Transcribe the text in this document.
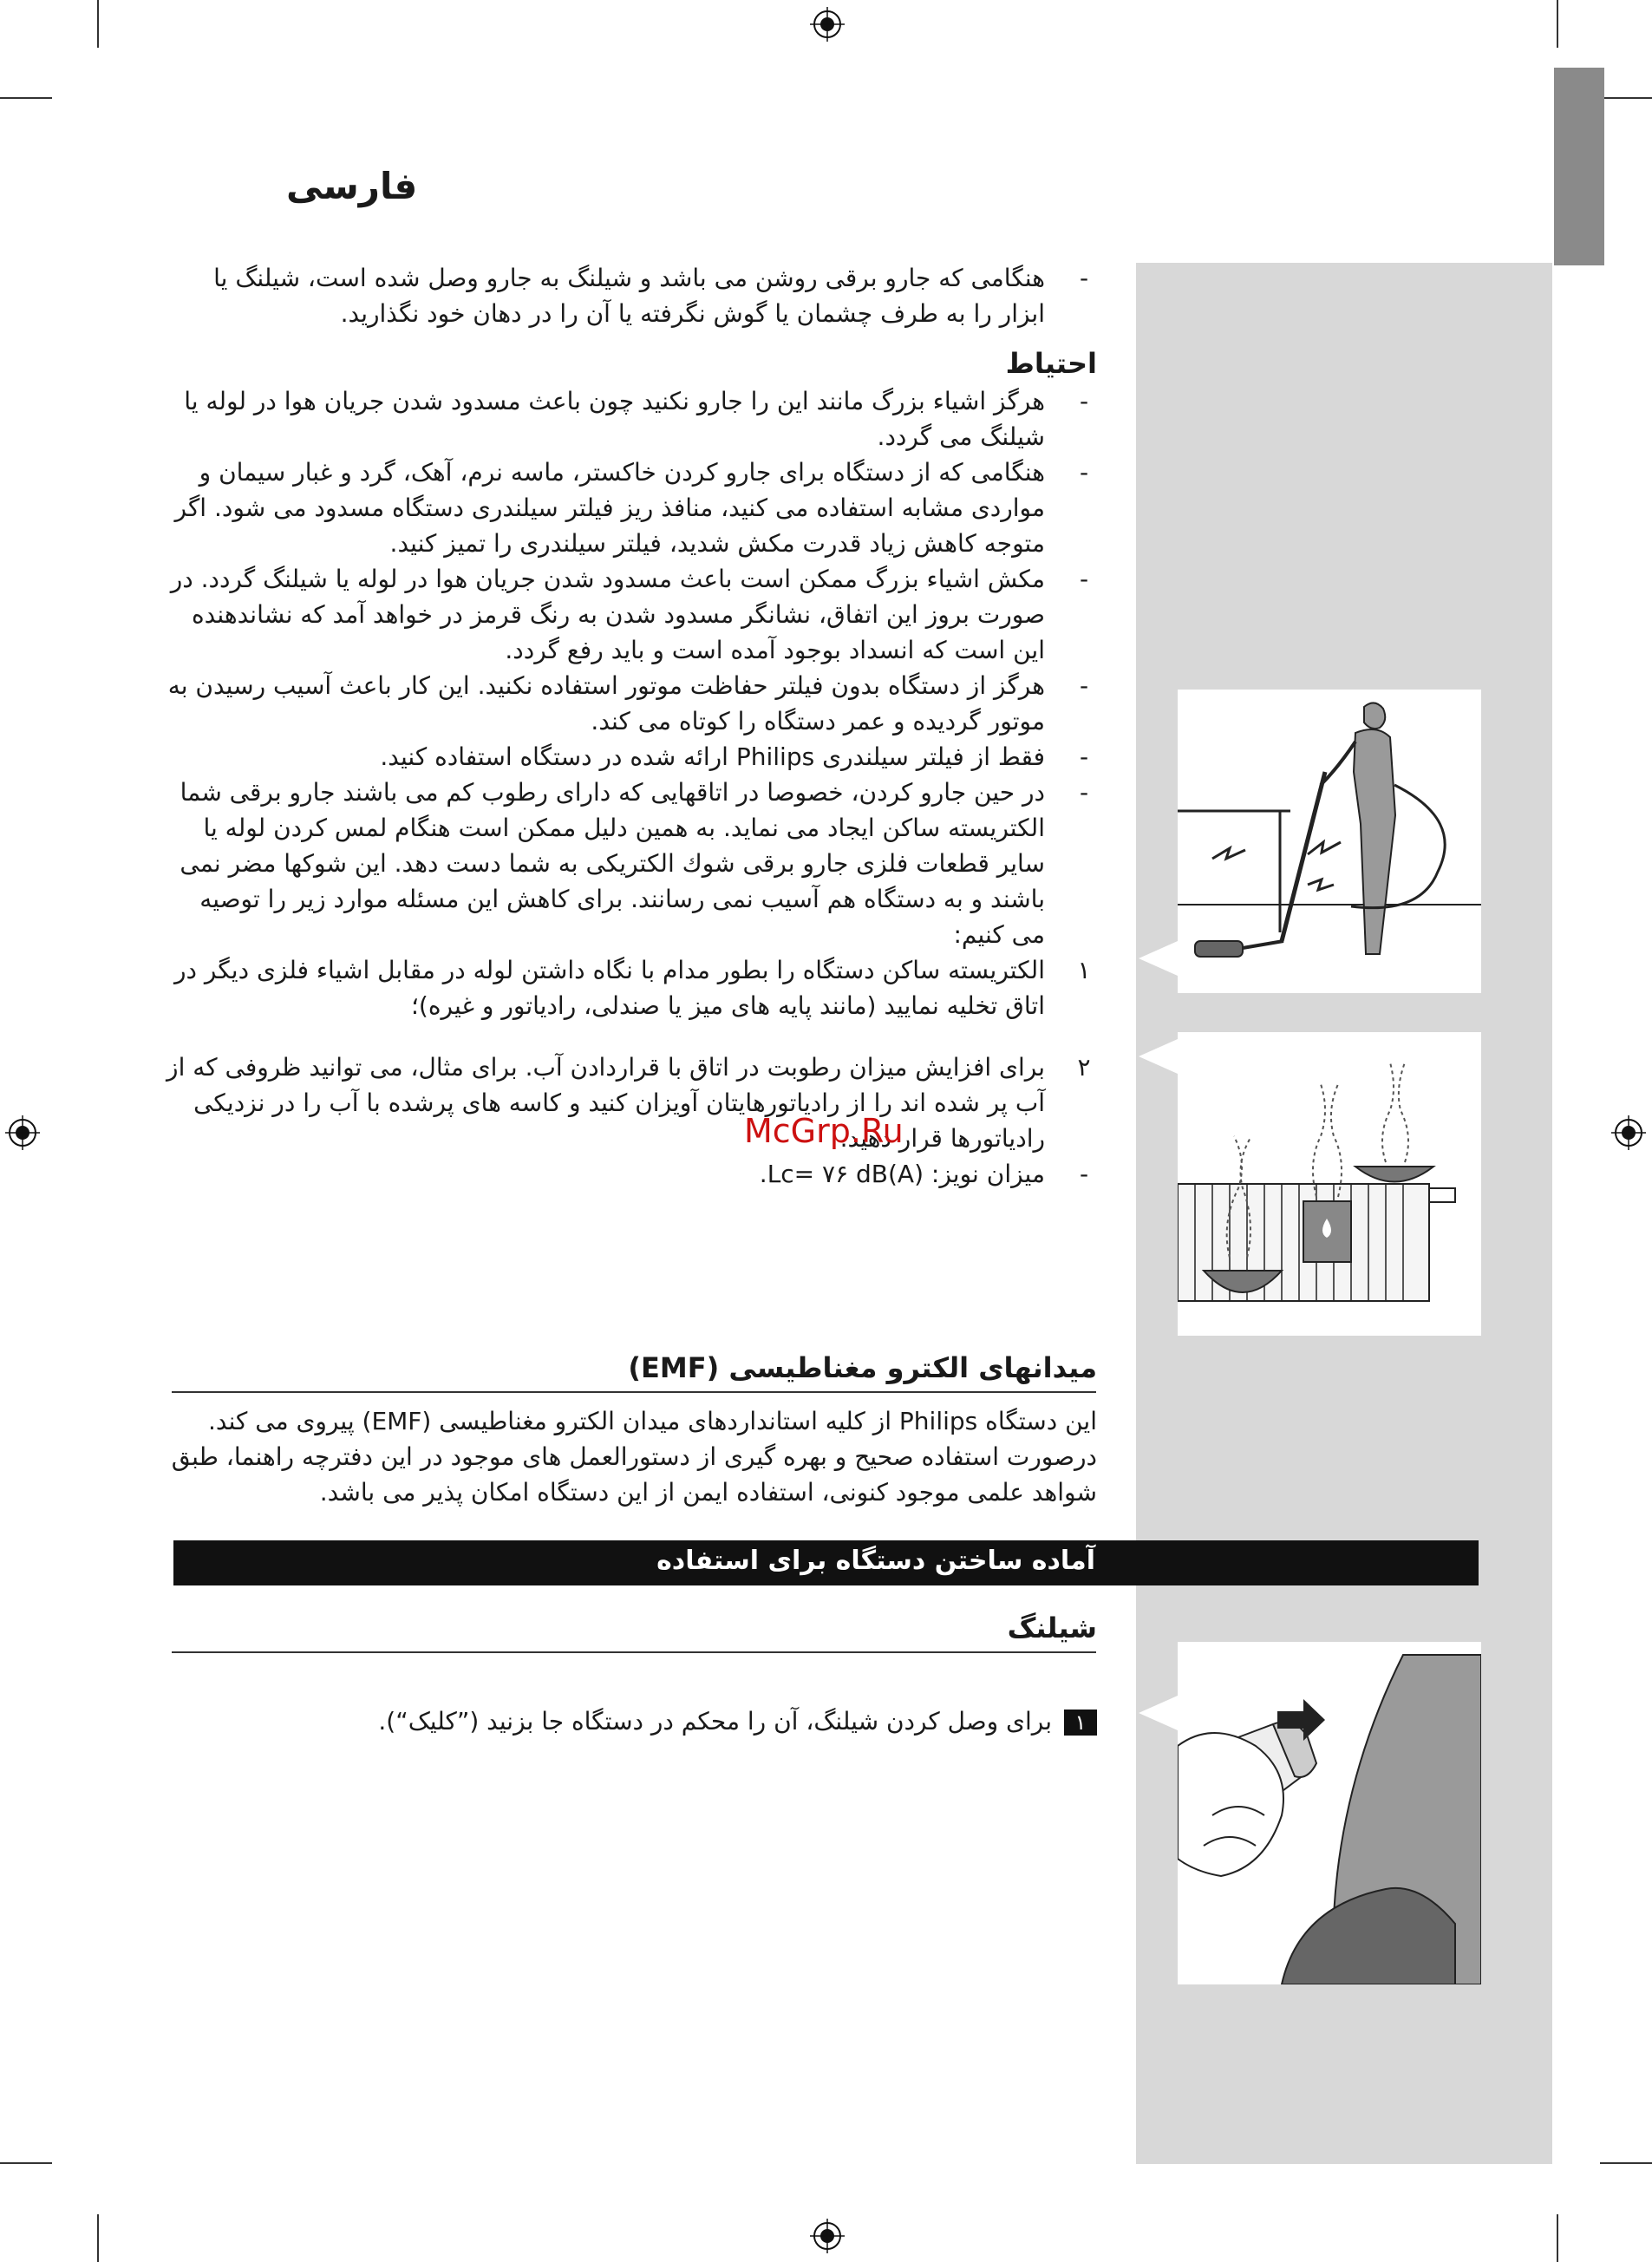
فارسی
-
هنگامی که جارو برقی روشن می باشد و شیلنگ به جارو وصل شده است، شیلنگ یا ابزار را به طرف چشمان یا گوش نگرفته یا آن را در دهان خود نگذارید.
احتیاط
-
هرگز اشیاء بزرگ مانند این را جارو نکنید چون باعث مسدود شدن جریان هوا در لوله یا شیلنگ می گردد.
-
هنگامی که از دستگاه برای جارو کردن خاکستر، ماسه نرم، آهک، گرد و غبار سیمان و مواردی مشابه استفاده می کنید، منافذ ریز فیلتر سیلندری دستگاه مسدود می شود. اگر متوجه کاهش زیاد قدرت مکش شدید، فیلتر سیلندری را تمیز کنید.
-
مکش اشیاء بزرگ ممکن است باعث مسدود شدن جریان هوا در لوله یا شیلنگ گردد. در صورت بروز این اتفاق، نشانگر مسدود شدن به رنگ قرمز در خواهد آمد که نشاندهنده این است که انسداد بوجود آمده است و باید رفع گردد.
-
هرگز از دستگاه بدون فیلتر حفاظت موتور استفاده نکنید. این کار باعث آسیب رسیدن به موتور گردیده و عمر دستگاه را کوتاه می کند.
-
فقط از فیلتر سیلندری Philips ارائه شده در دستگاه استفاده کنید.
-
در حین جارو کردن، خصوصا در اتاقهایی که دارای رطوب کم می باشند جارو برقی شما الکتریسته ساکن ایجاد می نماید. به همین دلیل ممکن است هنگام لمس کردن لوله یا سایر قطعات فلزی جارو برقی شوك الکتریکی به شما دست دهد. این شوکها مضر نمی باشند و به دستگاه هم آسیب نمی رسانند. برای کاهش این مسئله موارد زیر را توصیه می کنیم:
١
الکتریسته ساکن دستگاه را بطور مدام با نگاه داشتن لوله در مقابل اشیاء فلزی دیگر در اتاق تخلیه نمایید (مانند پایه های میز یا صندلی، رادیاتور و غیره)؛
٢
برای افزایش میزان رطوبت در اتاق با قراردادن آب. برای مثال، می توانید ظروفی که از آب پر شده اند را از رادیاتورهایتان آویزان کنید و کاسه های پرشده با آب را در نزدیکی رادیاتورها قرار دهید.
-
میزان نویز: Lc= ۷۶ dB(A).
McGrp.Ru
میدانهای الکترو مغناطیسی (EMF)
این دستگاه Philips از کلیه استانداردهای میدان الکترو مغناطیسی (EMF) پیروی می کند. درصورت استفاده صحیح و بهره گیری از دستورالعمل های موجود در این دفترچه راهنما، طبق شواهد علمی موجود کنونی، استفاده ایمن از این دستگاه امکان پذیر می باشد.
آماده ساختن دستگاه برای استفاده
شیلنگ
١برای وصل کردن شیلنگ، آن را محکم در دستگاه جا بزنید (”کلیک“).
